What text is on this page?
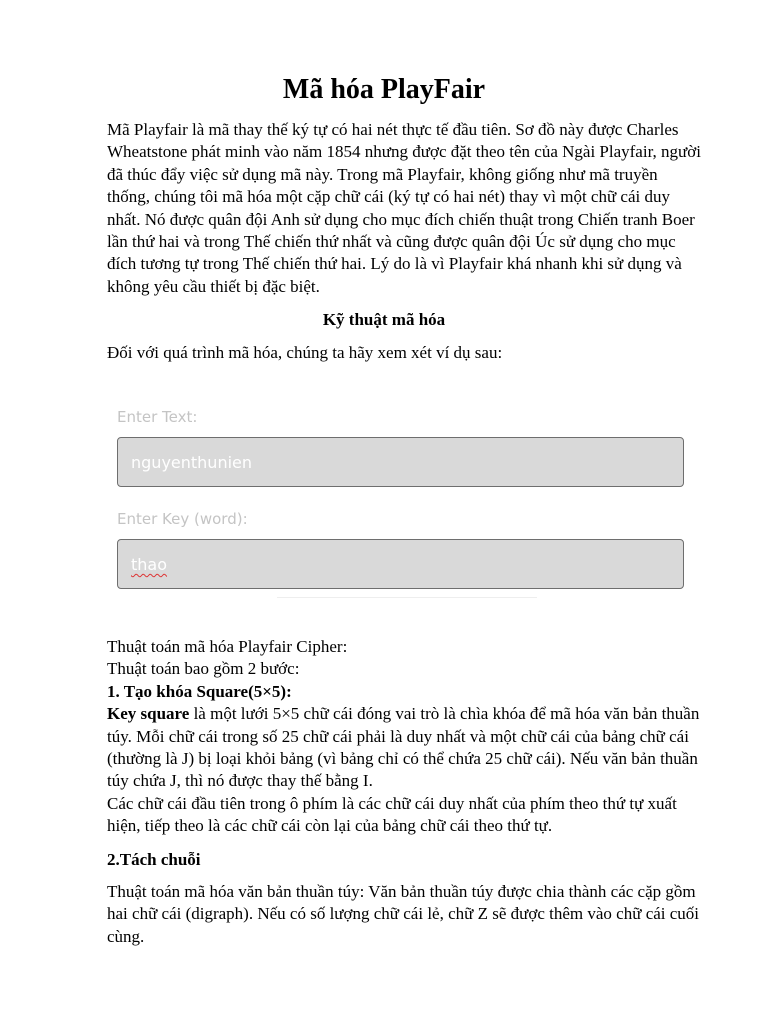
Mã hóa PlayFair

Mã Playfair là mã thay thế ký tự có hai nét thực tế đầu tiên. Sơ đồ này được Charles Wheatstone phát minh vào năm 1854 nhưng được đặt theo tên của Ngài Playfair, người đã thúc đẩy việc sử dụng mã này. Trong mã Playfair, không giống như mã truyền thống, chúng tôi mã hóa một cặp chữ cái (ký tự có hai nét) thay vì một chữ cái duy nhất. Nó được quân đội Anh sử dụng cho mục đích chiến thuật trong Chiến tranh Boer lần thứ hai và trong Thế chiến thứ nhất và cũng được quân đội Úc sử dụng cho mục đích tương tự trong Thế chiến thứ hai. Lý do là vì Playfair khá nhanh khi sử dụng và không yêu cầu thiết bị đặc biệt.

Kỹ thuật mã hóa

Đối với quá trình mã hóa, chúng ta hãy xem xét ví dụ sau:

Enter Text:
nguyenthunien
Enter Key (word):
thao
Thuật toán mã hóa Playfair Cipher:
Thuật toán bao gồm 2 bước:
1. Tạo khóa Square(5×5):
Key square là một lưới 5×5 chữ cái đóng vai trò là chìa khóa để mã hóa văn bản thuần túy. Mỗi chữ cái trong số 25 chữ cái phải là duy nhất và một chữ cái của bảng chữ cái (thường là J) bị loại khỏi bảng (vì bảng chỉ có thể chứa 25 chữ cái). Nếu văn bản thuần túy chứa J, thì nó được thay thế bằng I.
Các chữ cái đầu tiên trong ô phím là các chữ cái duy nhất của phím theo thứ tự xuất hiện, tiếp theo là các chữ cái còn lại của bảng chữ cái theo thứ tự.
2.Tách chuỗi

Thuật toán mã hóa văn bản thuần túy: Văn bản thuần túy được chia thành các cặp gồm hai chữ cái (digraph). Nếu có số lượng chữ cái lẻ, chữ Z sẽ được thêm vào chữ cái cuối cùng.
